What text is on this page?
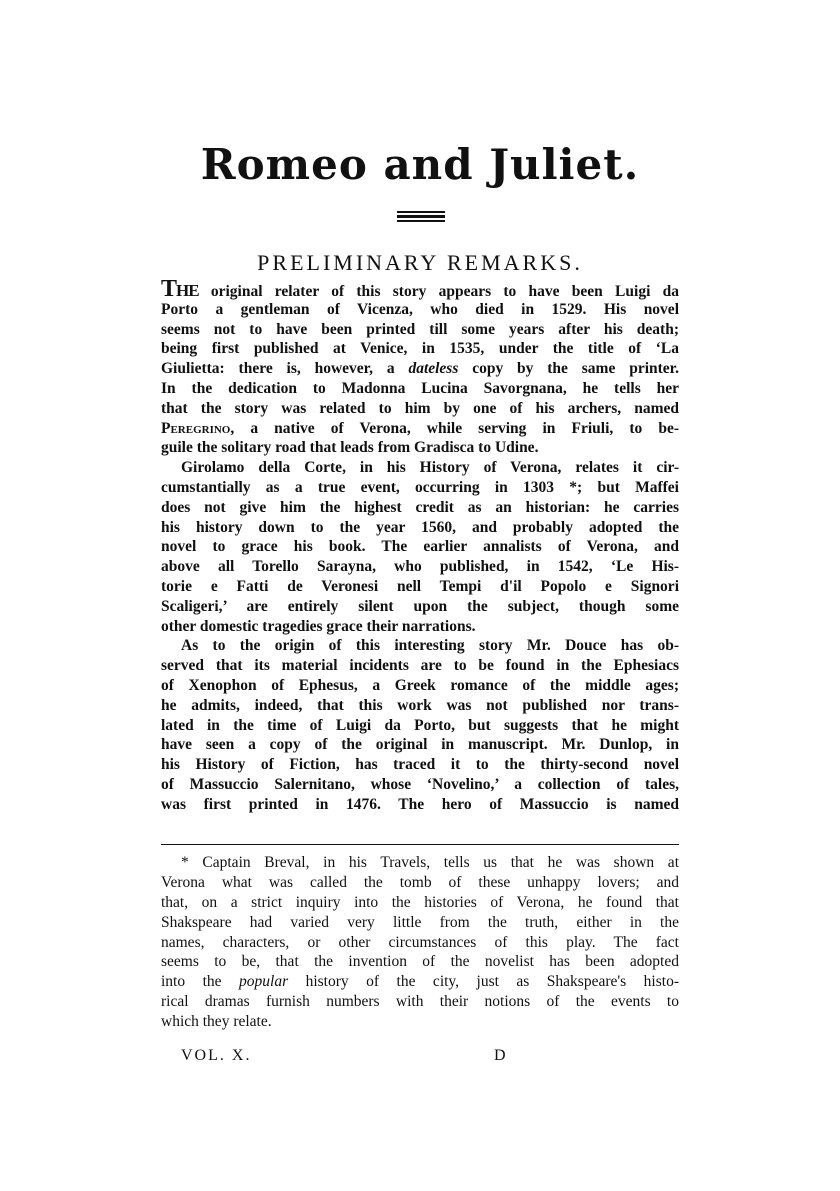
Romeo and Juliet.
PRELIMINARY REMARKS.
The original relater of this story appears to have been Luigi da
Porto a gentleman of Vicenza, who died in 1529. His novel
seems not to have been printed till some years after his death;
being first published at Venice, in 1535, under the title of ‘La
Giulietta: there is, however, a dateless copy by the same printer.
In the dedication to Madonna Lucina Savorgnana, he tells her
that the story was related to him by one of his archers, named
Peregrino, a native of Verona, while serving in Friuli, to be-
guile the solitary road that leads from Gradisca to Udine.
Girolamo della Corte, in his History of Verona, relates it cir-
cumstantially as a true event, occurring in 1303 *; but Maffei
does not give him the highest credit as an historian: he carries
his history down to the year 1560, and probably adopted the
novel to grace his book. The earlier annalists of Verona, and
above all Torello Sarayna, who published, in 1542, ‘Le His-
torie e Fatti de Veronesi nell Tempi d'il Popolo e Signori
Scaligeri,’ are entirely silent upon the subject, though some
other domestic tragedies grace their narrations.
As to the origin of this interesting story Mr. Douce has ob-
served that its material incidents are to be found in the Ephesiacs
of Xenophon of Ephesus, a Greek romance of the middle ages;
he admits, indeed, that this work was not published nor trans-
lated in the time of Luigi da Porto, but suggests that he might
have seen a copy of the original in manuscript. Mr. Dunlop, in
his History of Fiction, has traced it to the thirty-second novel
of Massuccio Salernitano, whose ‘Novelino,’ a collection of tales,
was first printed in 1476. The hero of Massuccio is named
* Captain Breval, in his Travels, tells us that he was shown at
Verona what was called the tomb of these unhappy lovers; and
that, on a strict inquiry into the histories of Verona, he found that
Shakspeare had varied very little from the truth, either in the
names, characters, or other circumstances of this play. The fact
seems to be, that the invention of the novelist has been adopted
into the popular history of the city, just as Shakspeare's histo-
rical dramas furnish numbers with their notions of the events to
which they relate.
VOL. X.	D
